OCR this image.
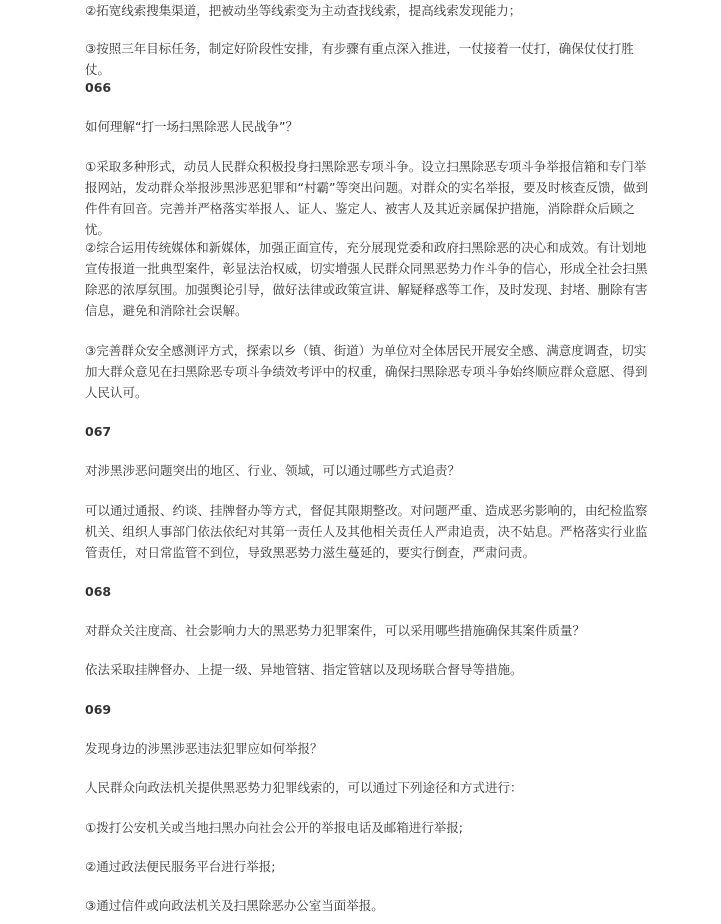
②拓宽线索搜集渠道，把被动坐等线索变为主动查找线索，提高线索发现能力；

③按照三年目标任务，制定好阶段性安排，有步骤有重点深入推进，一仗接着一仗打，确保仗仗打胜仗。

066

如何理解“打一场扫黑除恶人民战争”？

①采取多种形式，动员人民群众积极投身扫黑除恶专项斗争。设立扫黑除恶专项斗争举报信箱和专门举报网站，发动群众举报涉黑涉恶犯罪和“村霸”等突出问题。对群众的实名举报，要及时核查反馈，做到件件有回音。完善并严格落实举报人、证人、鉴定人、被害人及其近亲属保护措施，消除群众后顾之忧。

②综合运用传统媒体和新媒体，加强正面宣传，充分展现党委和政府扫黑除恶的决心和成效。有计划地宣传报道一批典型案件，彰显法治权威，切实增强人民群众同黑恶势力作斗争的信心，形成全社会扫黑除恶的浓厚氛围。加强舆论引导，做好法律或政策宣讲、解疑释惑等工作，及时发现、封堵、删除有害信息，避免和消除社会误解。

③完善群众安全感测评方式，探索以乡（镇、街道）为单位对全体居民开展安全感、满意度调查，切实加大群众意见在扫黑除恶专项斗争绩效考评中的权重，确保扫黑除恶专项斗争始终顺应群众意愿、得到人民认可。

067

对涉黑涉恶问题突出的地区、行业、领域，可以通过哪些方式追责？

可以通过通报、约谈、挂牌督办等方式，督促其限期整改。对问题严重、造成恶劣影响的，由纪检监察机关、组织人事部门依法依纪对其第一责任人及其他相关责任人严肃追责，决不姑息。严格落实行业监管责任，对日常监管不到位，导致黑恶势力滋生蔓延的，要实行倒查，严肃问责。

068

对群众关注度高、社会影响力大的黑恶势力犯罪案件，可以采用哪些措施确保其案件质量？

依法采取挂牌督办、上提一级、异地管辖、指定管辖以及现场联合督导等措施。

069

发现身边的涉黑涉恶违法犯罪应如何举报？

人民群众向政法机关提供黑恶势力犯罪线索的，可以通过下列途径和方式进行：

①拨打公安机关或当地扫黑办向社会公开的举报电话及邮箱进行举报;

②通过政法便民服务平台进行举报;

③通过信件或向政法机关及扫黑除恶办公室当面举报。
